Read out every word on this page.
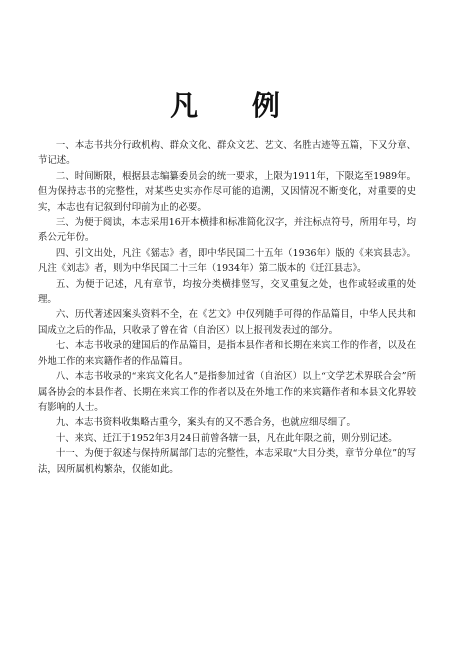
凡 例

一、本志书共分行政机构、群众文化、群众文艺、艺文、名胜古迹等五篇，下又分章、节记述。

二、时间断限，根据县志编纂委员会的统一要求，上限为1911年，下限迄至1989年。但为保持志书的完整性，对某些史实亦作尽可能的追溯，又因情况不断变化，对重要的史实，本志也有记叙到付印前为止的必要。

三、为便于阅读，本志采用16开本横排和标准简化汉字，并注标点符号，所用年号，均系公元年份。

四、引文出处，凡注《猺志》者，即中华民国二十五年（1936年）版的《来宾县志》。凡注《刘志》者，则为中华民国二十三年（1934年）第二版本的《迁江县志》。

五、为便于记述，凡有章节，均按分类横排竖写，交叉重复之处，也作或轻或重的处理。

六、历代著述因案头资料不全，在《艺文》中仅列随手可得的作品篇目，中华人民共和国成立之后的作品，只收录了曾在省（自治区）以上报刊发表过的部分。

七、本志书收录的建国后的作品篇目，是指本县作者和长期在来宾工作的作者，以及在外地工作的来宾籍作者的作品篇目。

八、本志书收录的“来宾文化名人”是指参加过省（自治区）以上“文学艺术界联合会”所属各协会的本县作者、长期在来宾工作的作者以及在外地工作的来宾籍作者和本县文化界较有影响的人士。

九、本志书资料收集略古重今，案头有的又不悉合务，也就应细尽细了。

十、来宾、迁江于1952年3月24日前曾各辖一县，凡在此年限之前，则分别记述。

十一、为便于叙述与保持所属部门志的完整性，本志采取“大目分类，章节分单位”的写法，因所属机构繁杂，仅能如此。
